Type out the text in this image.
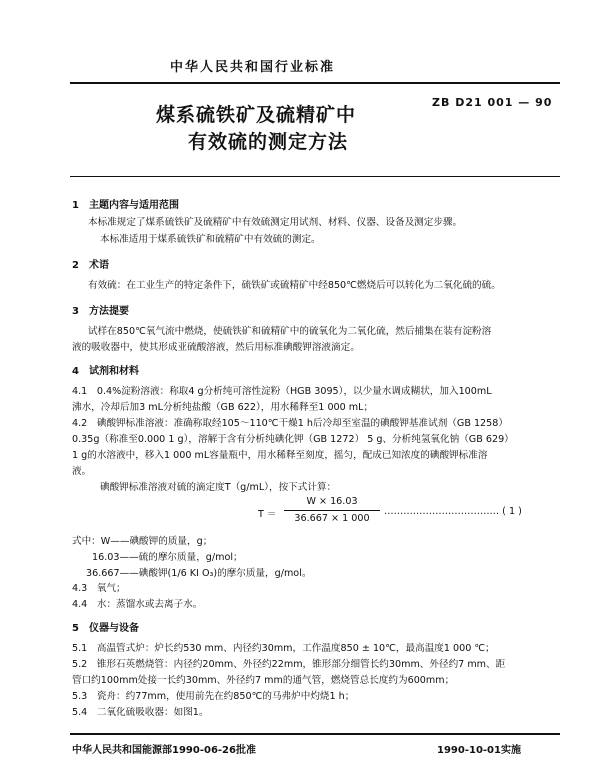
中华人民共和国行业标准
ZB D21 001 — 90
煤系硫铁矿及硫精矿中
有效硫的测定方法
1　主题内容与适用范围
本标准规定了煤系硫铁矿及硫精矿中有效硫测定用试剂、材料、仪器、设备及测定步骤。
本标准适用于煤系硫铁矿和硫精矿中有效硫的测定。
2　术语
有效硫：在工业生产的特定条件下，硫铁矿或硫精矿中经850℃燃烧后可以转化为二氧化硫的硫。
3　方法提要
试样在850℃氧气流中燃烧，使硫铁矿和硫精矿中的硫氧化为二氧化硫，然后捕集在装有淀粉溶
液的吸收器中，使其形成亚硫酸溶液，然后用标准碘酸钾溶液滴定。
4　试剂和材料
4.1　0.4%淀粉溶液：称取4 g分析纯可溶性淀粉（HGB 3095），以少量水调成糊状，加入100mL
沸水，冷却后加3 mL分析纯盐酸（GB 622），用水稀释至1 000 mL；
4.2　碘酸钾标准溶液：准确称取经105～110℃干燥1 h后冷却至室温的碘酸钾基准试剂（GB 1258）
0.35g（称准至0.000 1 g），溶解于含有分析纯碘化钾（GB 1272） 5 g、分析纯氢氧化钠（GB 629）
1 g的水溶液中，移入1 000 mL容量瓶中，用水稀释至刻度，摇匀，配成已知浓度的碘酸钾标准溶
液。
碘酸钾标准溶液对硫的滴定度T（g/mL），按下式计算：
T ＝
W × 16.03
36.667 × 1 000
……………………………… ( 1 )
式中：W——碘酸钾的质量，g；
16.03——硫的摩尔质量，g/mol；
36.667——碘酸钾(1/6 KI O₃)的摩尔质量，g/mol。
4.3　氧气；
4.4　水：蒸馏水或去离子水。
5　仪器与设备
5.1　高温管式炉：炉长约530 mm、内径约30mm，工作温度850 ± 10℃，最高温度1 000 ℃；
5.2　锥形石英燃烧管：内径约20mm、外径约22mm，锥形部分细管长约30mm、外径约7 mm、距
管口约100mm处接一长约30mm、外径约7 mm的通气管，燃烧管总长度约为600mm；
5.3　瓷舟：约77mm，使用前先在约850℃的马弗炉中灼烧1 h；
5.4　二氧化硫吸收器：如图1。
中华人民共和国能源部1990-06-26批准	1990-10-01实施
